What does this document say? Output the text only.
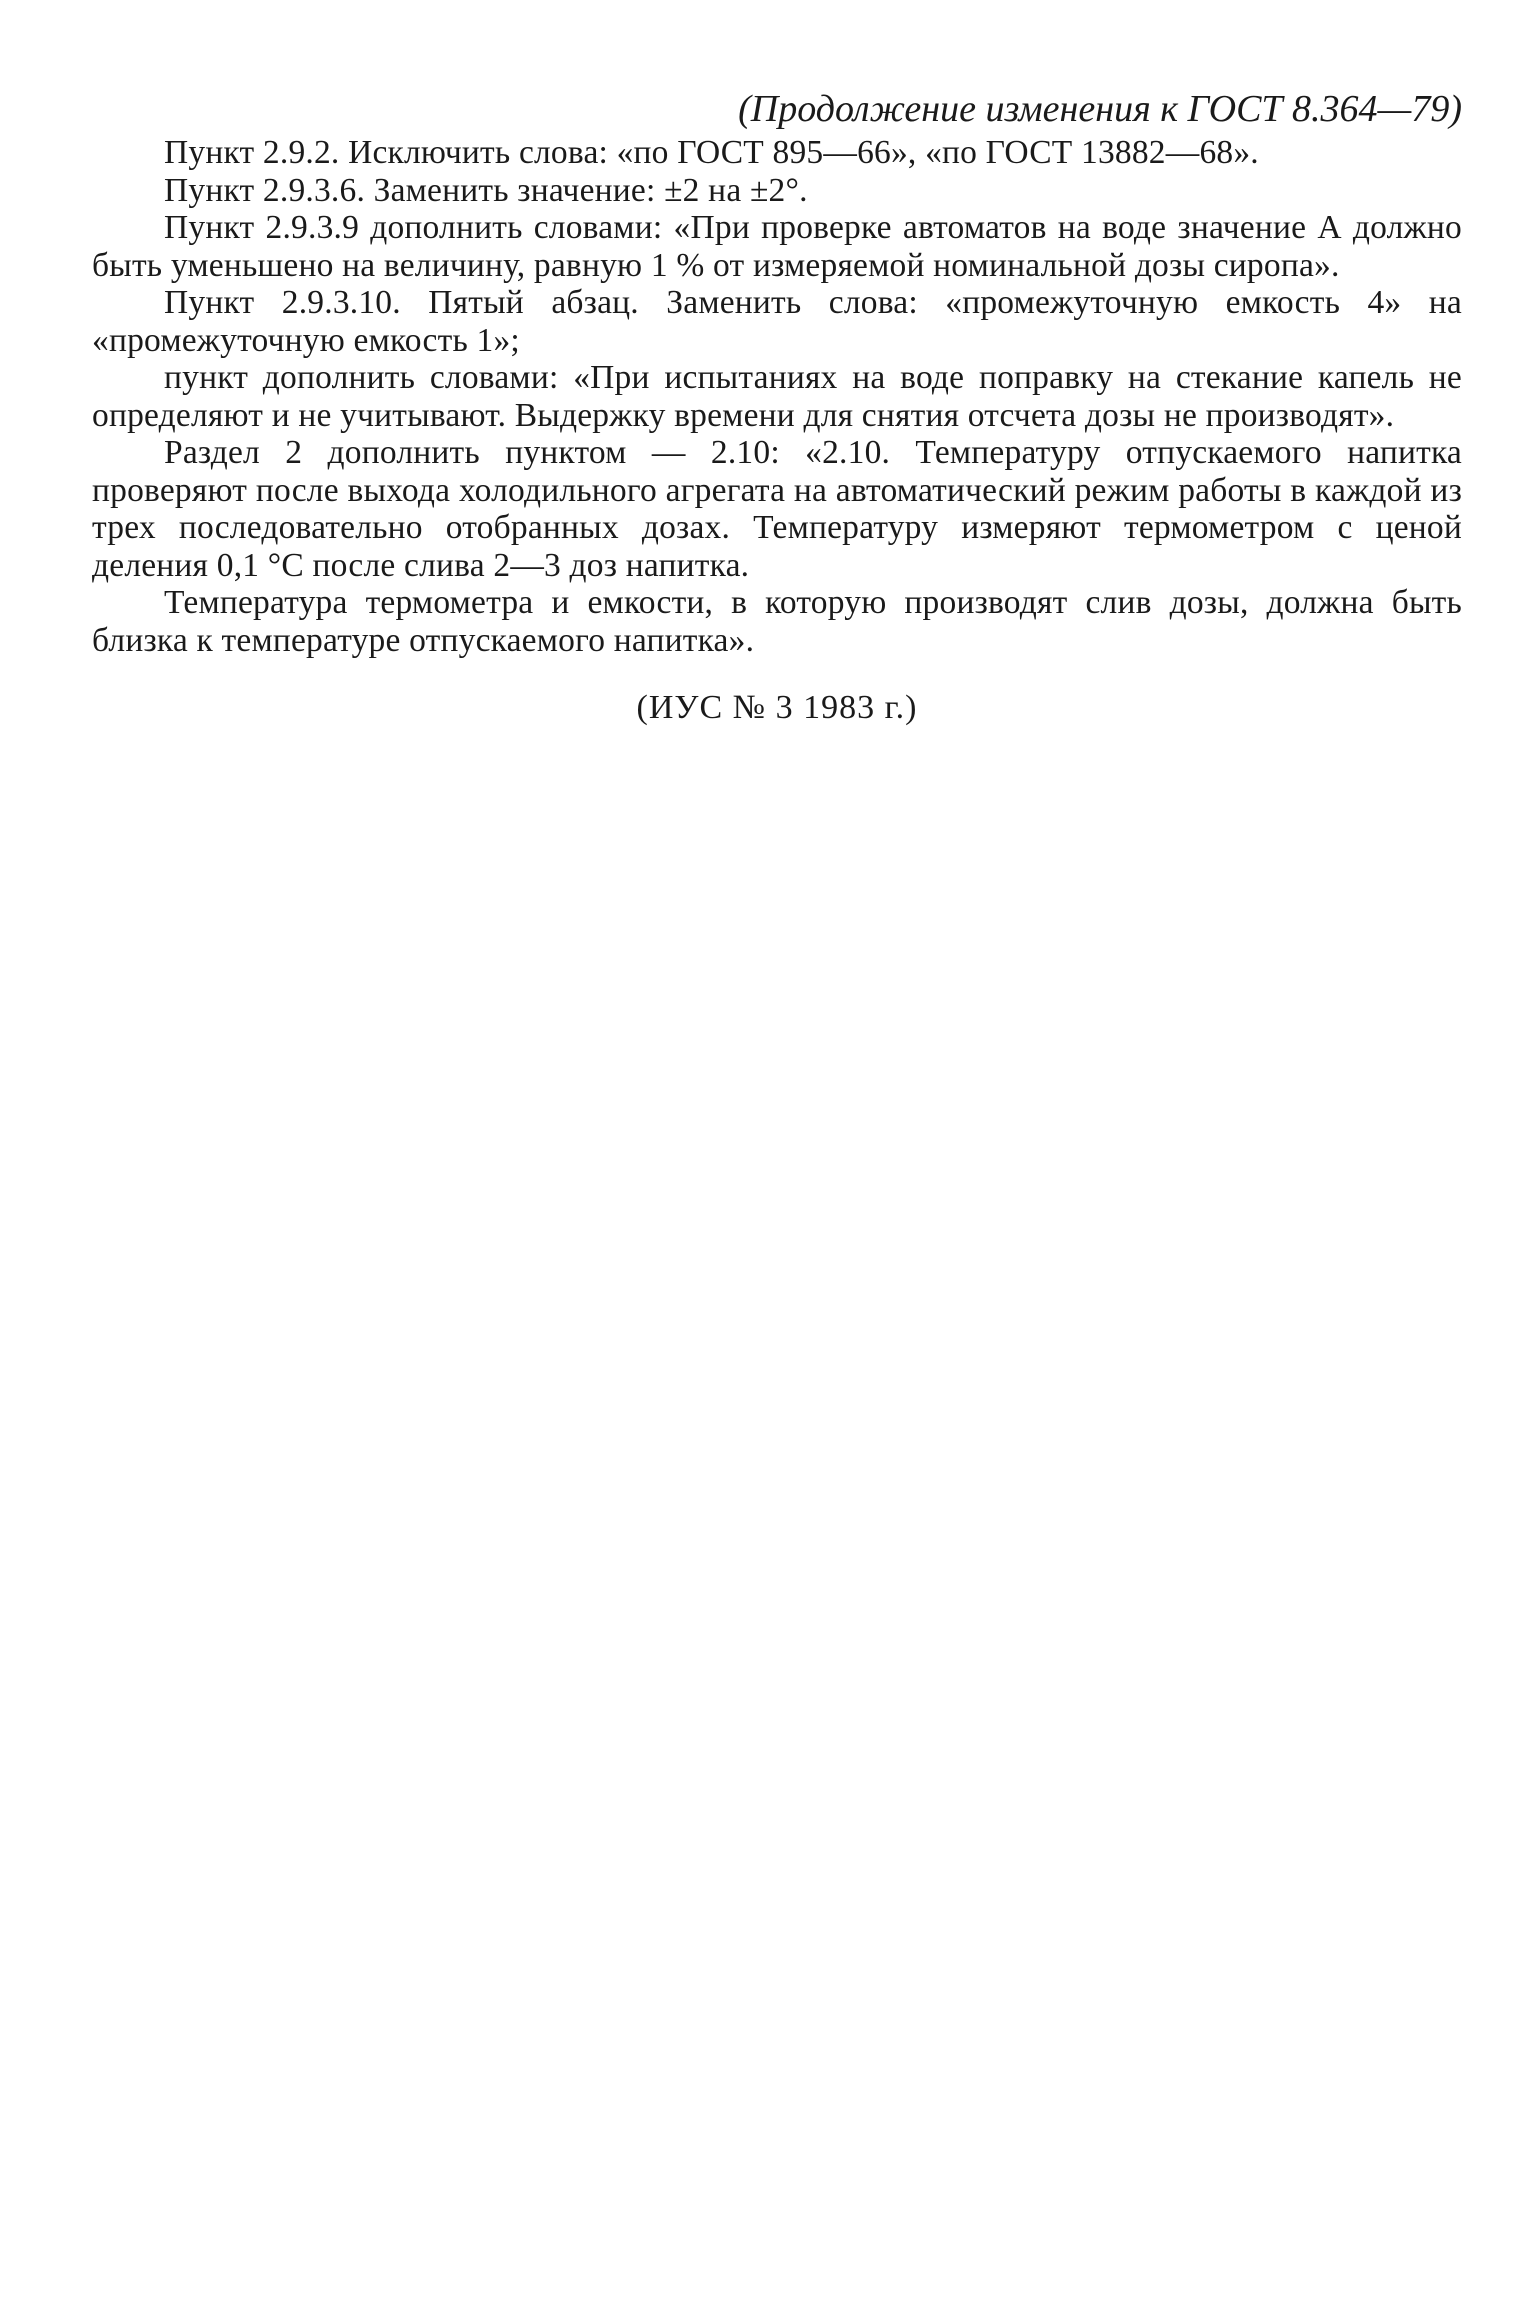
(Продолжение изменения к ГОСТ 8.364—79)

Пункт 2.9.2. Исключить слова: «по ГОСТ 895—66», «по ГОСТ 13882—68».

Пункт 2.9.3.6. Заменить значение: ±2 на ±2°.

Пункт 2.9.3.9 дополнить словами: «При проверке автоматов на воде значение А должно быть уменьшено на величину, равную 1 % от измеряемой номинальной дозы сиропа».

Пункт 2.9.3.10. Пятый абзац. Заменить слова: «промежуточную емкость 4» на «промежуточную емкость 1»;

пункт дополнить словами: «При испытаниях на воде поправку на стекание капель не определяют и не учитывают. Выдержку времени для снятия отсчета дозы не производят».

Раздел 2 дополнить пунктом — 2.10: «2.10. Температуру отпускаемого напитка проверяют после выхода холодильного агрегата на автоматический режим работы в каждой из трех последовательно отобранных дозах. Температуру измеряют термометром с ценой деления 0,1 °С после слива 2—3 доз напитка.

Температура термометра и емкости, в которую производят слив дозы, должна быть близка к температуре отпускаемого напитка».

(ИУС № 3 1983 г.)
